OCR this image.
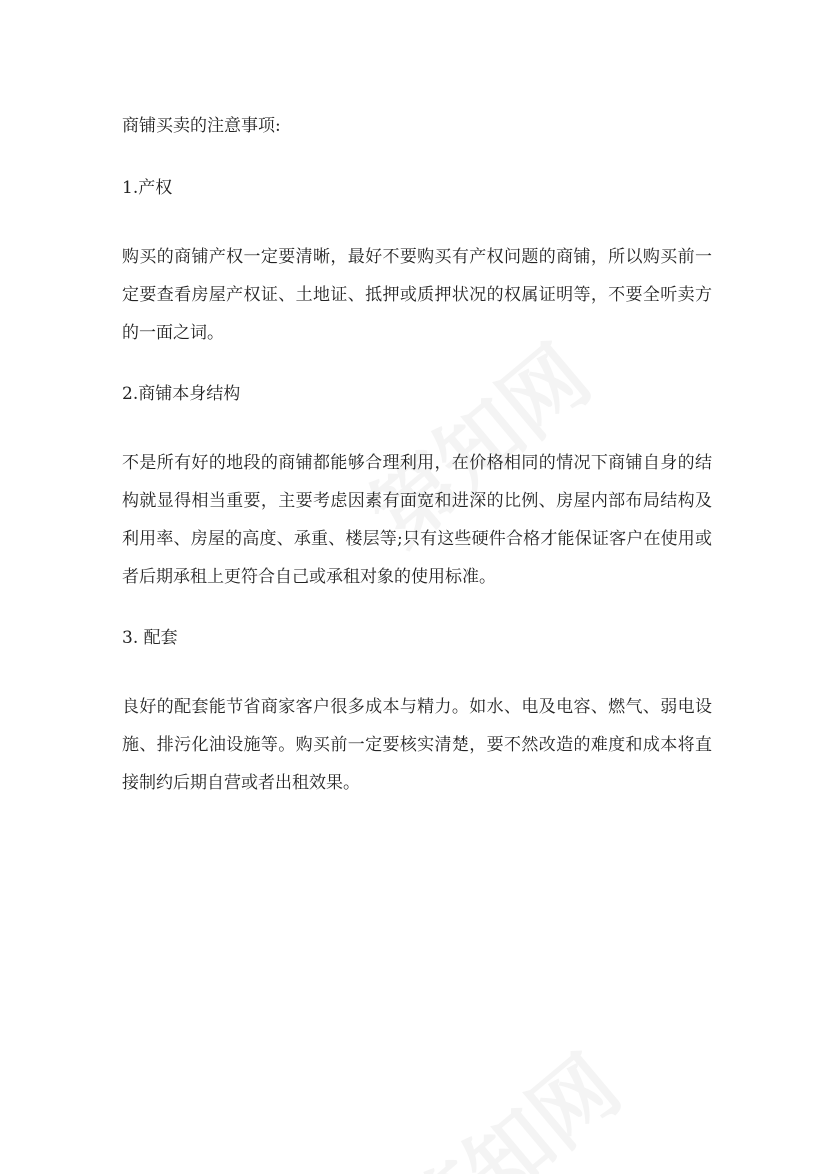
商铺买卖的注意事项:

1.产权

购买的商铺产权一定要清晰，最好不要购买有产权问题的商铺，所以购买前一定要查看房屋产权证、土地证、抵押或质押状况的权属证明等，不要全听卖方的一面之词。

2.商铺本身结构

不是所有好的地段的商铺都能够合理利用，在价格相同的情况下商铺自身的结构就显得相当重要，主要考虑因素有面宽和进深的比例、房屋内部布局结构及利用率、房屋的高度、承重、楼层等;只有这些硬件合格才能保证客户在使用或者后期承租上更符合自己或承租对象的使用标准。

3. 配套

良好的配套能节省商家客户很多成本与精力。如水、电及电容、燃气、弱电设施、排污化油设施等。购买前一定要核实清楚，要不然改造的难度和成本将直接制约后期自营或者出租效果。
